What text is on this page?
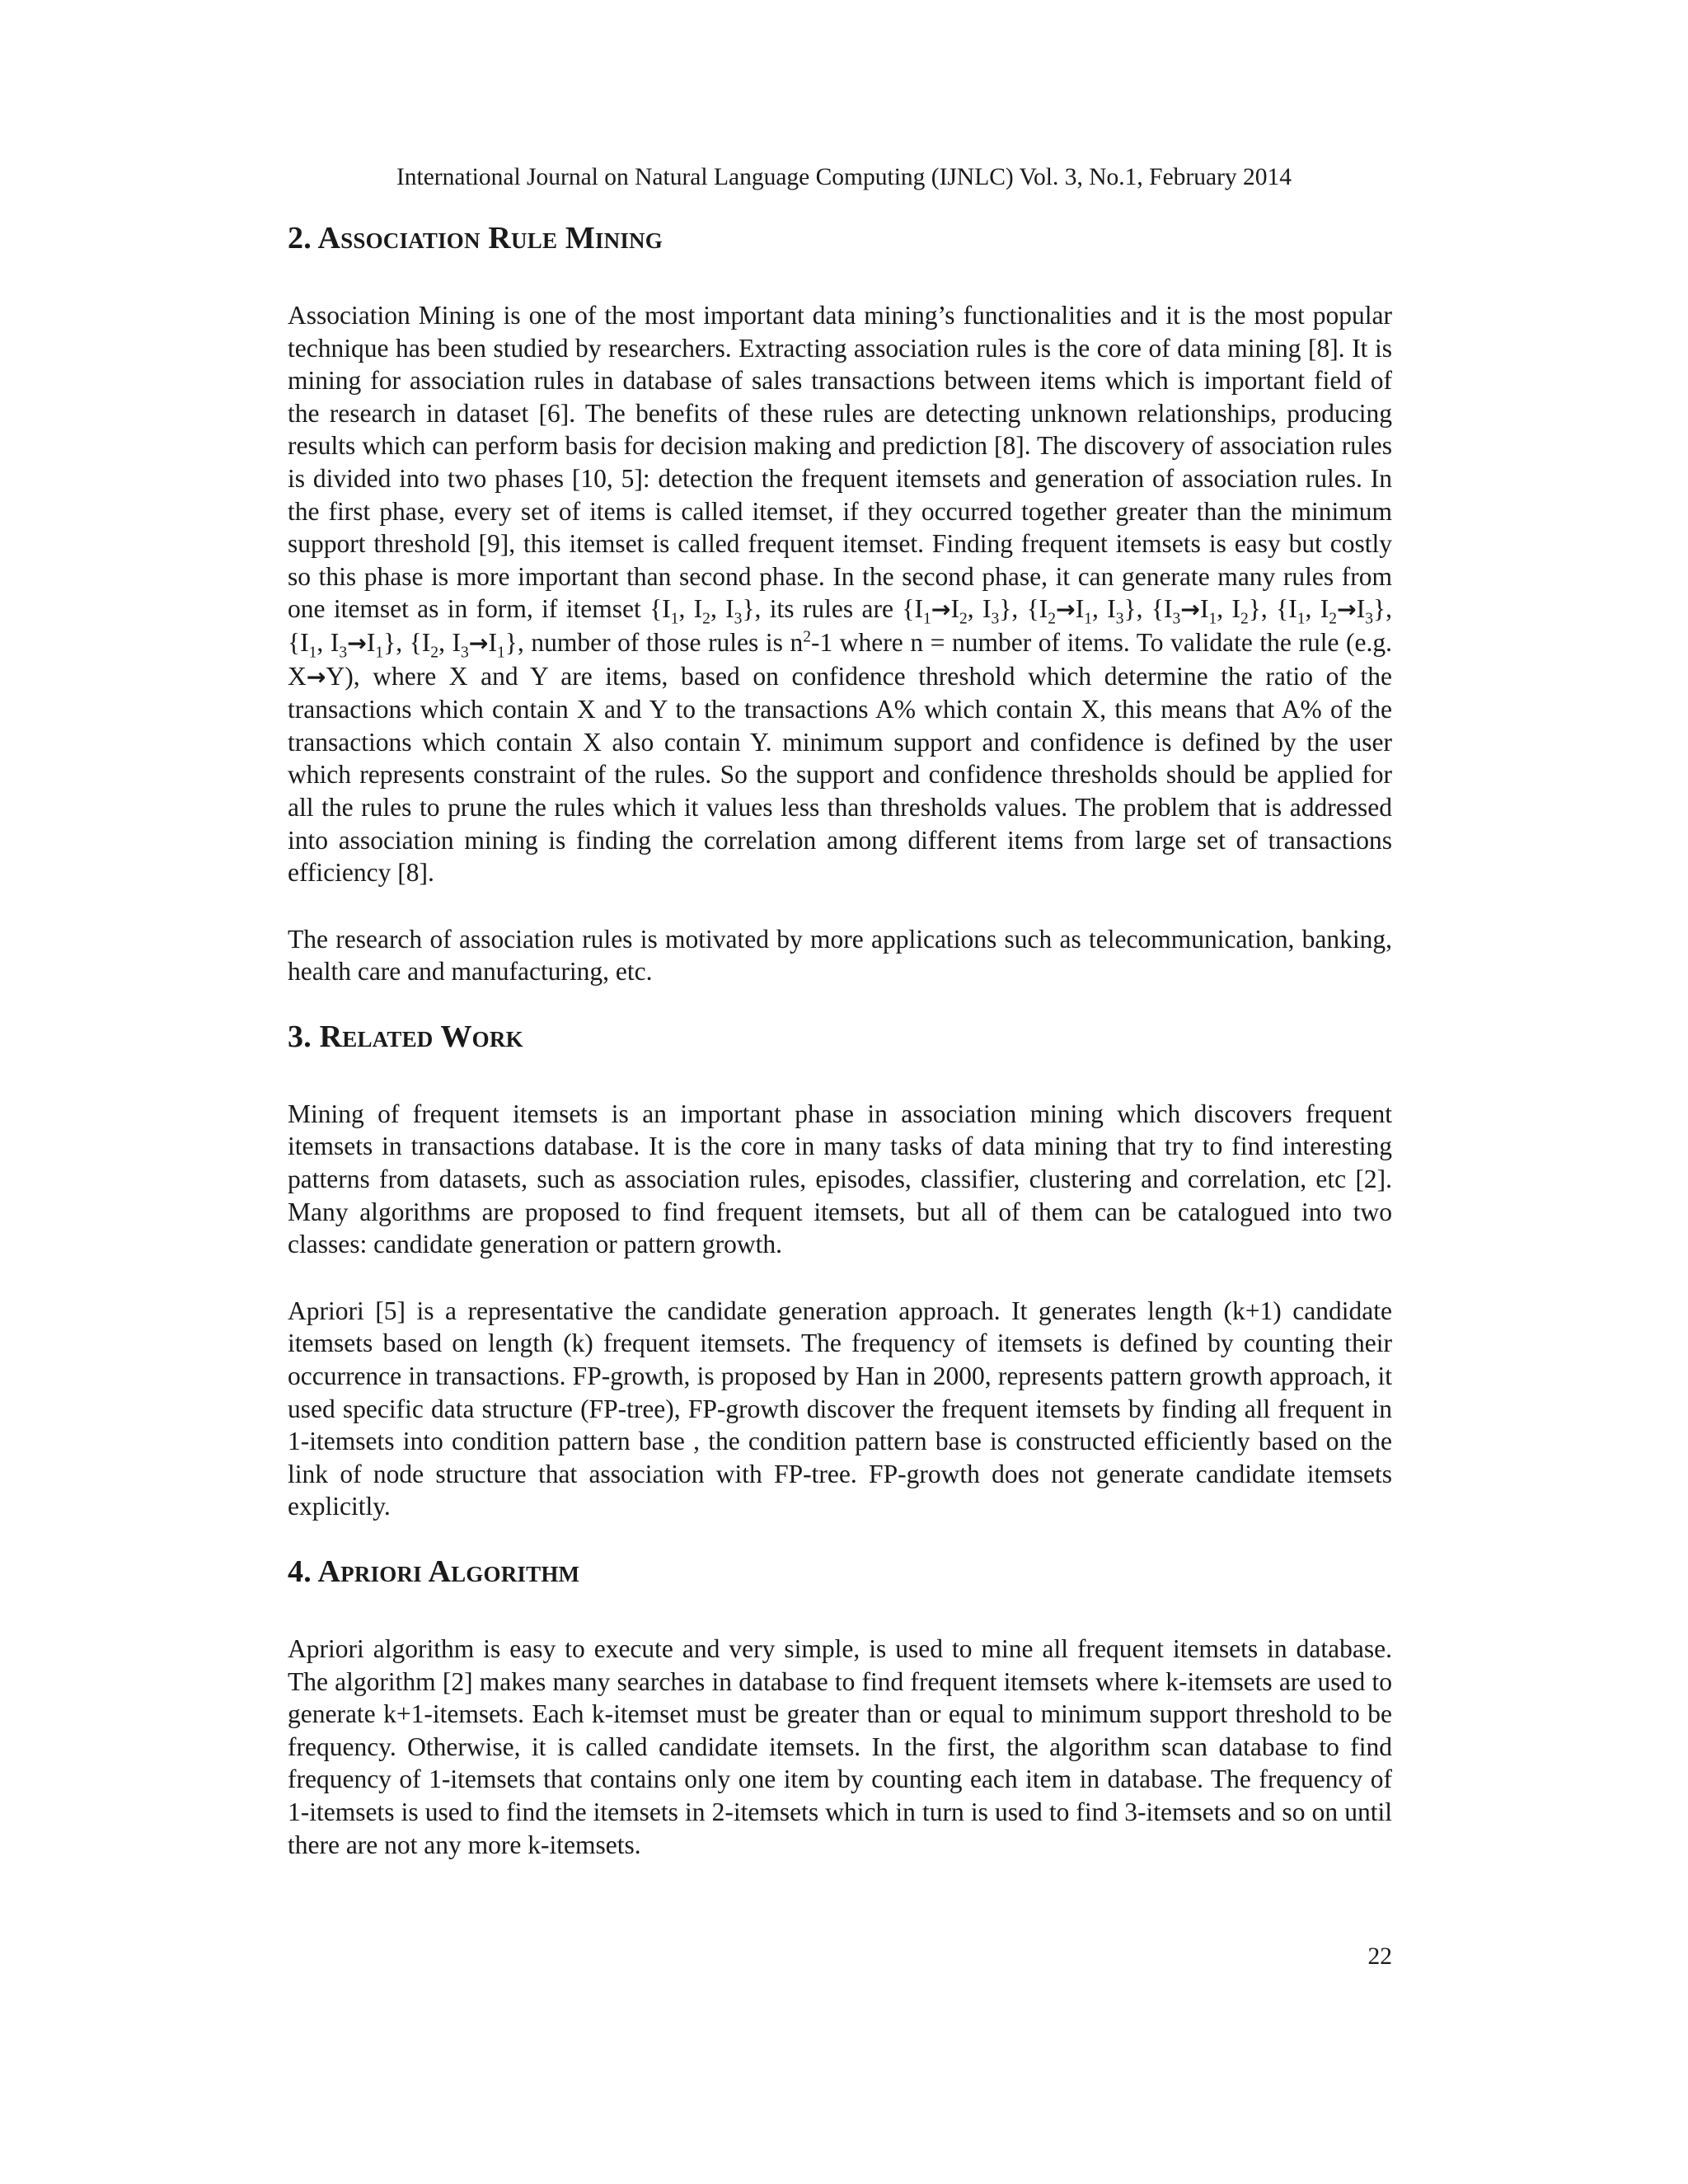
International Journal on Natural Language Computing (IJNLC) Vol. 3, No.1, February 2014
2. Association Rule Mining

Association Mining is one of the most important data mining’s functionalities and it is the most popular technique has been studied by researchers. Extracting association rules is the core of data mining [8]. It is mining for association rules in database of sales transactions between items which is important field of the research in dataset [6]. The benefits of these rules are detecting unknown relationships, producing results which can perform basis for decision making and prediction [8]. The discovery of association rules is divided into two phases [10, 5]: detection the frequent itemsets and generation of association rules. In the first phase, every set of items is called itemset, if they occurred together greater than the minimum support threshold [9], this itemset is called frequent itemset. Finding frequent itemsets is easy but costly so this phase is more important than second phase. In the second phase, it can generate many rules from one itemset as in form, if itemset {$I_1$, $I_2$, $I_3$}, its rules are {$I_1\to I_2$, $I_3$}, {$I_2\to I_1$, $I_3$}, {$I_3\to I_1$, $I_2$}, {$I_1$, $I_2\to I_3$}, {$I_1$, $I_3\to I_1$}, {$I_2$, $I_3\to I_1$}, number of those rules is $n^2-1$ where n = number of items. To validate the rule (e.g. X→Y), where X and Y are items, based on confidence threshold which determine the ratio of the transactions which contain X and Y to the transactions A% which contain X, this means that A% of the transactions which contain X also contain Y. minimum support and confidence is defined by the user which represents constraint of the rules. So the support and confidence thresholds should be applied for all the rules to prune the rules which it values less than thresholds values. The problem that is addressed into association mining is finding the correlation among different items from large set of transactions efficiency [8].

The research of association rules is motivated by more applications such as telecommunication, banking, health care and manufacturing, etc.

3. Related Work

Mining of frequent itemsets is an important phase in association mining which discovers frequent itemsets in transactions database. It is the core in many tasks of data mining that try to find interesting patterns from datasets, such as association rules, episodes, classifier, clustering and correlation, etc [2]. Many algorithms are proposed to find frequent itemsets, but all of them can be catalogued into two classes: candidate generation or pattern growth.

Apriori [5] is a representative the candidate generation approach. It generates length (k+1) candidate itemsets based on length (k) frequent itemsets. The frequency of itemsets is defined by counting their occurrence in transactions. FP-growth, is proposed by Han in 2000, represents pattern growth approach, it used specific data structure (FP-tree), FP-growth discover the frequent itemsets by finding all frequent in 1-itemsets into condition pattern base , the condition pattern base is constructed efficiently based on the link of node structure that association with FP-tree. FP-growth does not generate candidate itemsets explicitly.

4. Apriori Algorithm

Apriori algorithm is easy to execute and very simple, is used to mine all frequent itemsets in database. The algorithm [2] makes many searches in database to find frequent itemsets where k-itemsets are used to generate k+1-itemsets. Each k-itemset must be greater than or equal to minimum support threshold to be frequency. Otherwise, it is called candidate itemsets. In the first, the algorithm scan database to find frequency of 1-itemsets that contains only one item by counting each item in database. The frequency of 1-itemsets is used to find the itemsets in 2-itemsets which in turn is used to find 3-itemsets and so on until there are not any more k-itemsets.

22
